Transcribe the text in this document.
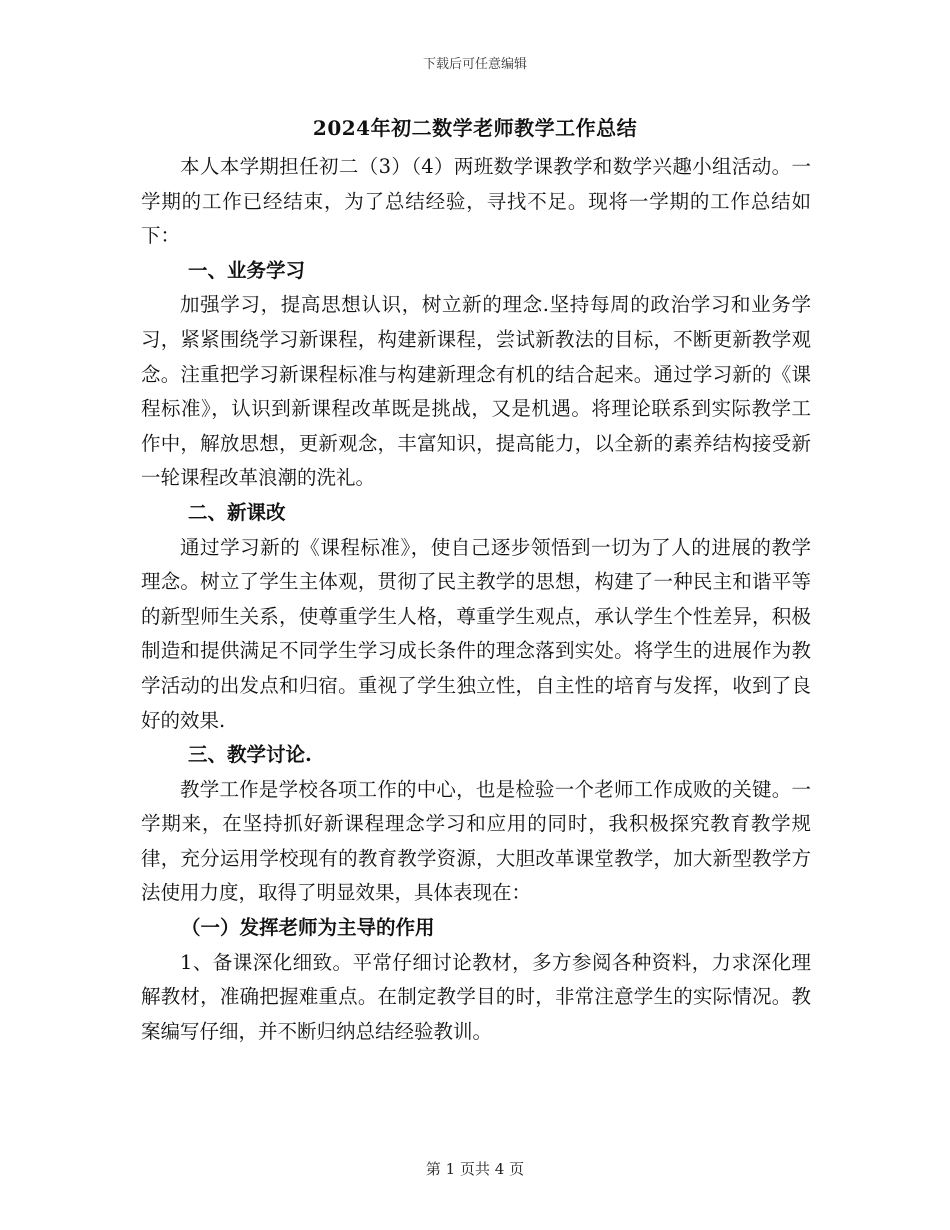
下载后可任意编辑
2024年初二数学老师教学工作总结

本人本学期担任初二（3）（4）两班数学课教学和数学兴趣小组活动。一学期的工作已经结束，为了总结经验，寻找不足。现将一学期的工作总结如下：

一、业务学习

加强学习，提高思想认识，树立新的理念.坚持每周的政治学习和业务学习，紧紧围绕学习新课程，构建新课程，尝试新教法的目标，不断更新教学观念。注重把学习新课程标准与构建新理念有机的结合起来。通过学习新的《课程标准》，认识到新课程改革既是挑战，又是机遇。将理论联系到实际教学工作中，解放思想，更新观念，丰富知识，提高能力，以全新的素养结构接受新一轮课程改革浪潮的洗礼。

二、新课改

通过学习新的《课程标准》，使自己逐步领悟到一切为了人的进展的教学理念。树立了学生主体观，贯彻了民主教学的思想，构建了一种民主和谐平等的新型师生关系，使尊重学生人格，尊重学生观点，承认学生个性差异，积极制造和提供满足不同学生学习成长条件的理念落到实处。将学生的进展作为教学活动的出发点和归宿。重视了学生独立性，自主性的培育与发挥，收到了良好的效果.

三、教学讨论.

教学工作是学校各项工作的中心，也是检验一个老师工作成败的关键。一学期来，在坚持抓好新课程理念学习和应用的同时，我积极探究教育教学规律，充分运用学校现有的教育教学资源，大胆改革课堂教学，加大新型教学方法使用力度，取得了明显效果，具体表现在：

（一）发挥老师为主导的作用

1、备课深化细致。平常仔细讨论教材，多方参阅各种资料，力求深化理解教材，准确把握难重点。在制定教学目的时，非常注意学生的实际情况。教案编写仔细，并不断归纳总结经验教训。

第 1 页共 4 页
